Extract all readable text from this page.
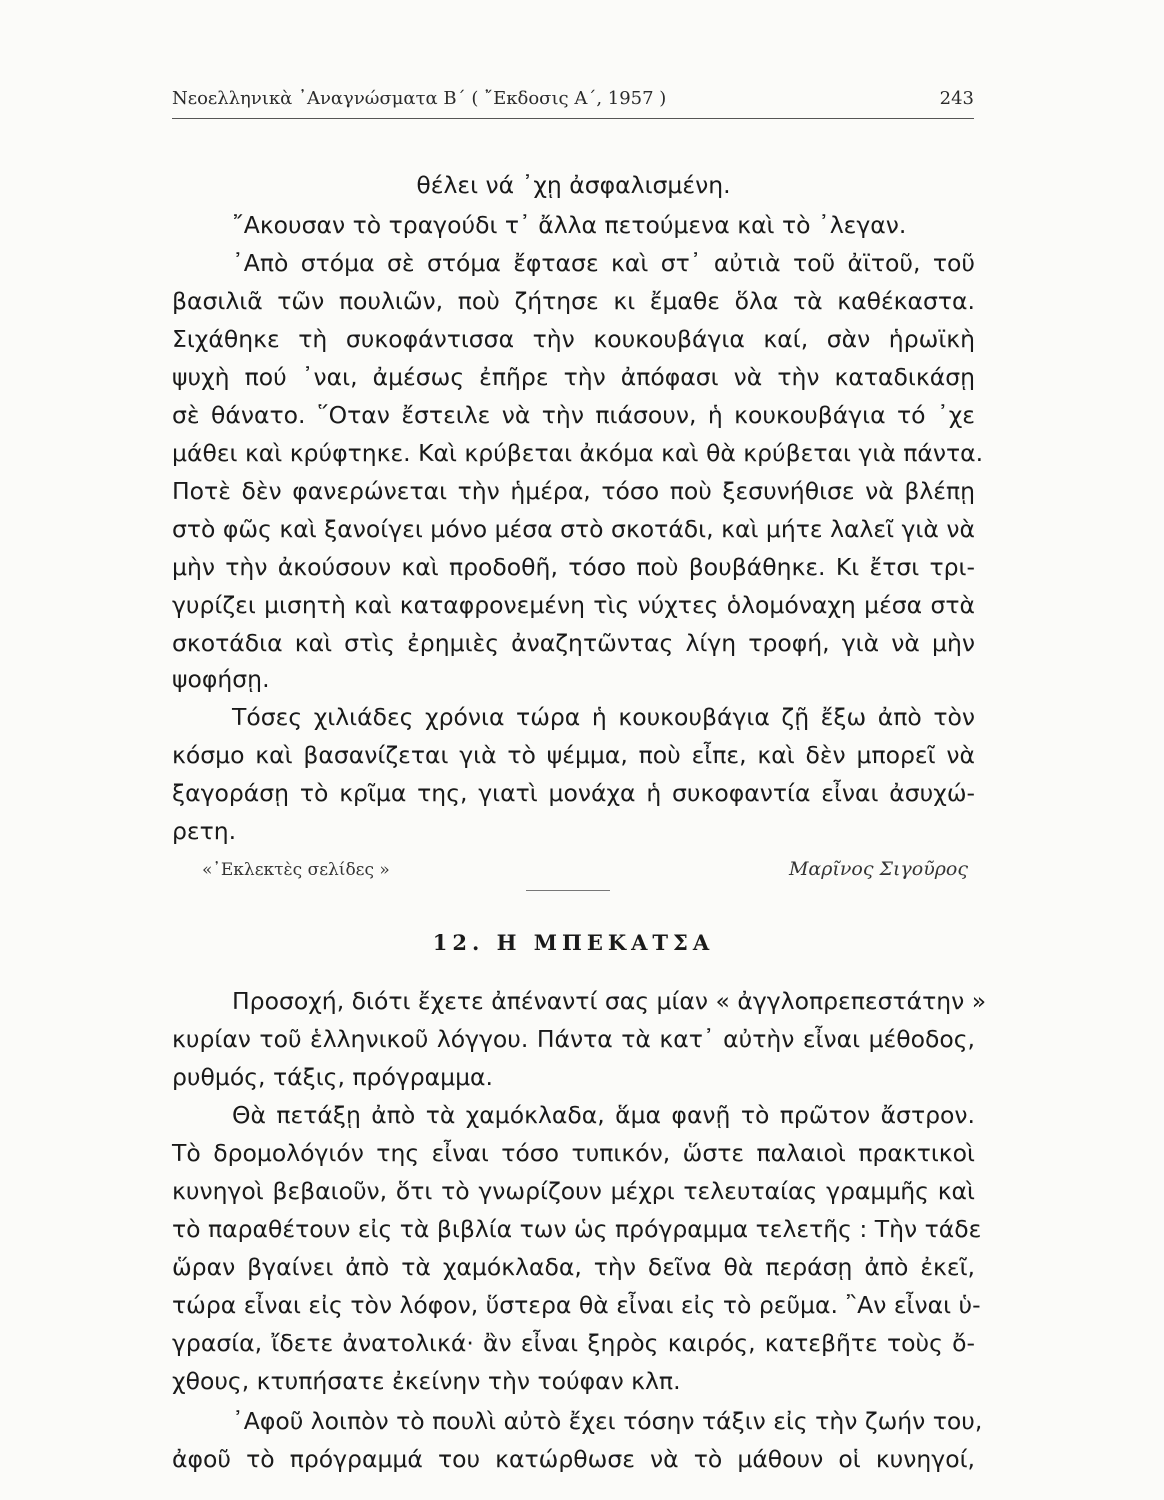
Νεοελληνικὰ ᾽Αναγνώσματα Β΄ ( ῎Εκδοσις Α΄, 1957 )	243
θέλει νά ᾽χῃ ἀσφαλισμένη.
῎Ακουσαν τὸ τραγούδι τ᾽ ἄλλα πετούμενα καὶ τὸ ᾽λεγαν.
᾽Απὸ στόμα σὲ στόμα ἔφτασε καὶ στ᾽ αὐτιὰ τοῦ ἀϊτοῦ, τοῦ
βασιλιᾶ τῶν πουλιῶν, ποὺ ζήτησε κι ἔμαθε ὅλα τὰ καθέκαστα.
Σιχάθηκε τὴ συκοφάντισσα τὴν κουκουβάγια καί, σὰν ἡρωϊκὴ
ψυχὴ πού ᾽ναι, ἀμέσως ἐπῆρε τὴν ἀπόφασι νὰ τὴν καταδικάσῃ
σὲ θάνατο. ῞Οταν ἔστειλε νὰ τὴν πιάσουν, ἡ κουκουβάγια τό ᾽χε
μάθει καὶ κρύφτηκε. Καὶ κρύβεται ἀκόμα καὶ θὰ κρύβεται γιὰ πάντα.
Ποτὲ δὲν φανερώνεται τὴν ἡμέρα, τόσο ποὺ ξεσυνήθισε νὰ βλέπῃ
στὸ φῶς καὶ ξανοίγει μόνο μέσα στὸ σκοτάδι, καὶ μήτε λαλεῖ γιὰ νὰ
μὴν τὴν ἀκούσουν καὶ προδοθῆ, τόσο ποὺ βουβάθηκε. Κι ἔτσι τρι-
γυρίζει μισητὴ καὶ καταφρονεμένη τὶς νύχτες ὁλομόναχη μέσα στὰ
σκοτάδια καὶ στὶς ἐρημιὲς ἀναζητῶντας λίγη τροφή, γιὰ νὰ μὴν
ψοφήσῃ.
Τόσες χιλιάδες χρόνια τώρα ἡ κουκουβάγια ζῇ ἔξω ἀπὸ τὸν
κόσμο καὶ βασανίζεται γιὰ τὸ ψέμμα, ποὺ εἶπε, καὶ δὲν μπορεῖ νὰ
ξαγοράσῃ τὸ κρῖμα της, γιατὶ μονάχα ἡ συκοφαντία εἶναι ἀσυχώ-
ρετη.
«᾽Εκλεκτὲς σελίδες »	Μαρῖνος Σιγοῦρος
12. Η ΜΠΕΚΑΤΣΑ
Προσοχή, διότι ἔχετε ἀπέναντί σας μίαν « ἀγγλοπρεπεστάτην »
κυρίαν τοῦ ἑλληνικοῦ λόγγου. Πάντα τὰ κατ᾽ αὐτὴν εἶναι μέθοδος,
ρυθμός, τάξις, πρόγραμμα.
Θὰ πετάξῃ ἀπὸ τὰ χαμόκλαδα, ἅμα φανῇ τὸ πρῶτον ἄστρον.
Τὸ δρομολόγιόν της εἶναι τόσο τυπικόν, ὥστε παλαιοὶ πρακτικοὶ
κυνηγοὶ βεβαιοῦν, ὅτι τὸ γνωρίζουν μέχρι τελευταίας γραμμῆς καὶ
τὸ παραθέτουν εἰς τὰ βιβλία των ὡς πρόγραμμα τελετῆς : Τὴν τάδε
ὥραν βγαίνει ἀπὸ τὰ χαμόκλαδα, τὴν δεῖνα θὰ περάσῃ ἀπὸ ἐκεῖ,
τώρα εἶναι εἰς τὸν λόφον, ὕστερα θὰ εἶναι εἰς τὸ ρεῦμα. ῍Αν εἶναι ὑ-
γρασία, ἴδετε ἀνατολικά· ἂν εἶναι ξηρὸς καιρός, κατεβῆτε τοὺς ὄ-
χθους, κτυπήσατε ἐκείνην τὴν τούφαν κλπ.
᾽Αφοῦ λοιπὸν τὸ πουλὶ αὐτὸ ἔχει τόσην τάξιν εἰς τὴν ζωήν του,
ἀφοῦ τὸ πρόγραμμά του κατώρθωσε νὰ τὸ μάθουν οἱ κυνηγοί,
